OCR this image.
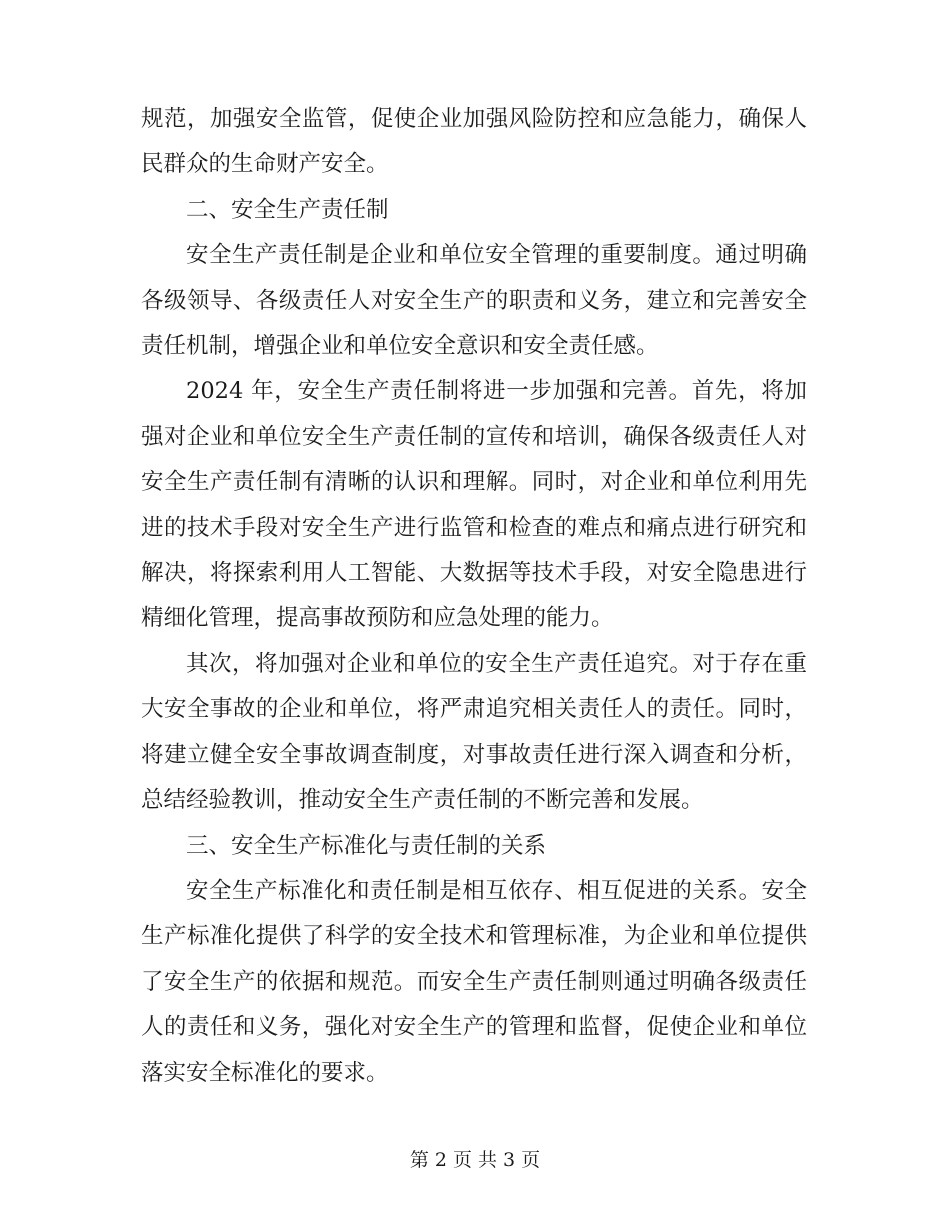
规范，加强安全监管，促使企业加强风险防控和应急能力，确保人民群众的生命财产安全。

二、安全生产责任制

安全生产责任制是企业和单位安全管理的重要制度。通过明确各级领导、各级责任人对安全生产的职责和义务，建立和完善安全责任机制，增强企业和单位安全意识和安全责任感。

2024 年，安全生产责任制将进一步加强和完善。首先，将加强对企业和单位安全生产责任制的宣传和培训，确保各级责任人对安全生产责任制有清晰的认识和理解。同时，对企业和单位利用先进的技术手段对安全生产进行监管和检查的难点和痛点进行研究和解决，将探索利用人工智能、大数据等技术手段，对安全隐患进行精细化管理，提高事故预防和应急处理的能力。

其次，将加强对企业和单位的安全生产责任追究。对于存在重大安全事故的企业和单位，将严肃追究相关责任人的责任。同时，将建立健全安全事故调查制度，对事故责任进行深入调查和分析，总结经验教训，推动安全生产责任制的不断完善和发展。

三、安全生产标准化与责任制的关系

安全生产标准化和责任制是相互依存、相互促进的关系。安全生产标准化提供了科学的安全技术和管理标准，为企业和单位提供了安全生产的依据和规范。而安全生产责任制则通过明确各级责任人的责任和义务，强化对安全生产的管理和监督，促使企业和单位落实安全标准化的要求。

第 2 页 共 3 页
